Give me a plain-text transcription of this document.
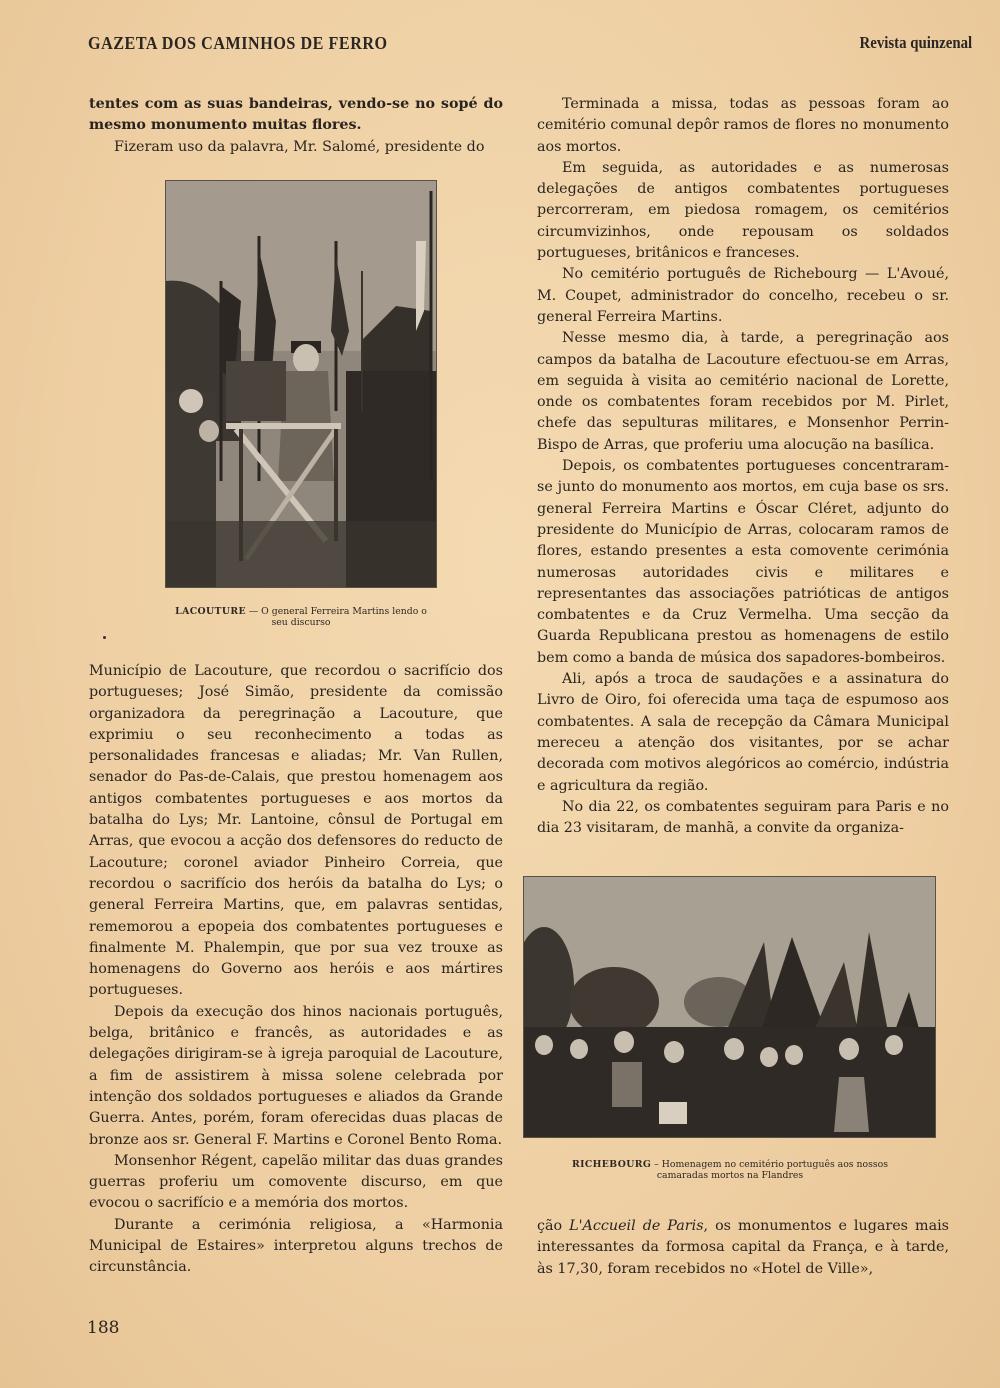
GAZETA DOS CAMINHOS DE FERRO	Revista quinzenal

tentes com as suas bandeiras, vendo-se no sopé do mesmo monumento muitas flores.

Fizeram uso da palavra, Mr. Salomé, presidente do

LACOUTURE — O general Ferreira Martins lendo o seu discurso

Município de Lacouture, que recordou o sacrifício dos portugueses; José Simão, presidente da comissão organizadora da peregrinação a Lacouture, que exprimiu o seu reconhecimento a todas as personalidades francesas e aliadas; Mr. Van Rullen, senador do Pas-de-Calais, que prestou homenagem aos antigos combatentes portugueses e aos mortos da batalha do Lys; Mr. Lantoine, cônsul de Portugal em Arras, que evocou a acção dos defensores do reducto de Lacouture; coronel aviador Pinheiro Correia, que recordou o sacrifício dos heróis da batalha do Lys; o general Ferreira Martins, que, em palavras sentidas, rememorou a epopeia dos combatentes portugueses e finalmente M. Phalempin, que por sua vez trouxe as homenagens do Governo aos heróis e aos mártires portugueses.

Depois da execução dos hinos nacionais português, belga, britânico e francês, as autoridades e as delegações dirigiram-se à igreja paroquial de Lacouture, a fim de assistirem à missa solene celebrada por intenção dos soldados portugueses e aliados da Grande Guerra. Antes, porém, foram oferecidas duas placas de bronze aos sr. General F. Martins e Coronel Bento Roma.

Monsenhor Régent, capelão militar das duas grandes guerras proferiu um comovente discurso, em que evocou o sacrifício e a memória dos mortos.

Durante a cerimónia religiosa, a «Harmonia Municipal de Estaires» interpretou alguns trechos de circunstância.

Terminada a missa, todas as pessoas foram ao cemitério comunal depôr ramos de flores no monumento aos mortos.

Em seguida, as autoridades e as numerosas delegações de antigos combatentes portugueses percorreram, em piedosa romagem, os cemitérios circumvizinhos, onde repousam os soldados portugueses, britânicos e franceses.

No cemitério português de Richebourg — L'Avoué, M. Coupet, administrador do concelho, recebeu o sr. general Ferreira Martins.

Nesse mesmo dia, à tarde, a peregrinação aos campos da batalha de Lacouture efectuou-se em Arras, em seguida à visita ao cemitério nacional de Lorette, onde os combatentes foram recebidos por M. Pirlet, chefe das sepulturas militares, e Monsenhor Perrin-Bispo de Arras, que proferiu uma alocução na basílica.

Depois, os combatentes portugueses concentraram-se junto do monumento aos mortos, em cuja base os srs. general Ferreira Martins e Óscar Cléret, adjunto do presidente do Município de Arras, colocaram ramos de flores, estando presentes a esta comovente cerimónia numerosas autoridades civis e militares e representantes das associações patrióticas de antigos combatentes e da Cruz Vermelha. Uma secção da Guarda Republicana prestou as homenagens de estilo bem como a banda de música dos sapadores-bombeiros.

Ali, após a troca de saudações e a assinatura do Livro de Oiro, foi oferecida uma taça de espumoso aos combatentes. A sala de recepção da Câmara Municipal mereceu a atenção dos visitantes, por se achar decorada com motivos alegóricos ao comércio, indústria e agricultura da região.

No dia 22, os combatentes seguiram para Paris e no dia 23 visitaram, de manhã, a convite da organiza-

RICHEBOURG – Homenagem no cemitério português aos nossos camaradas mortos na Flandres

ção L'Accueil de Paris, os monumentos e lugares mais interessantes da formosa capital da França, e à tarde, às 17,30, foram recebidos no «Hotel de Ville»,

188
